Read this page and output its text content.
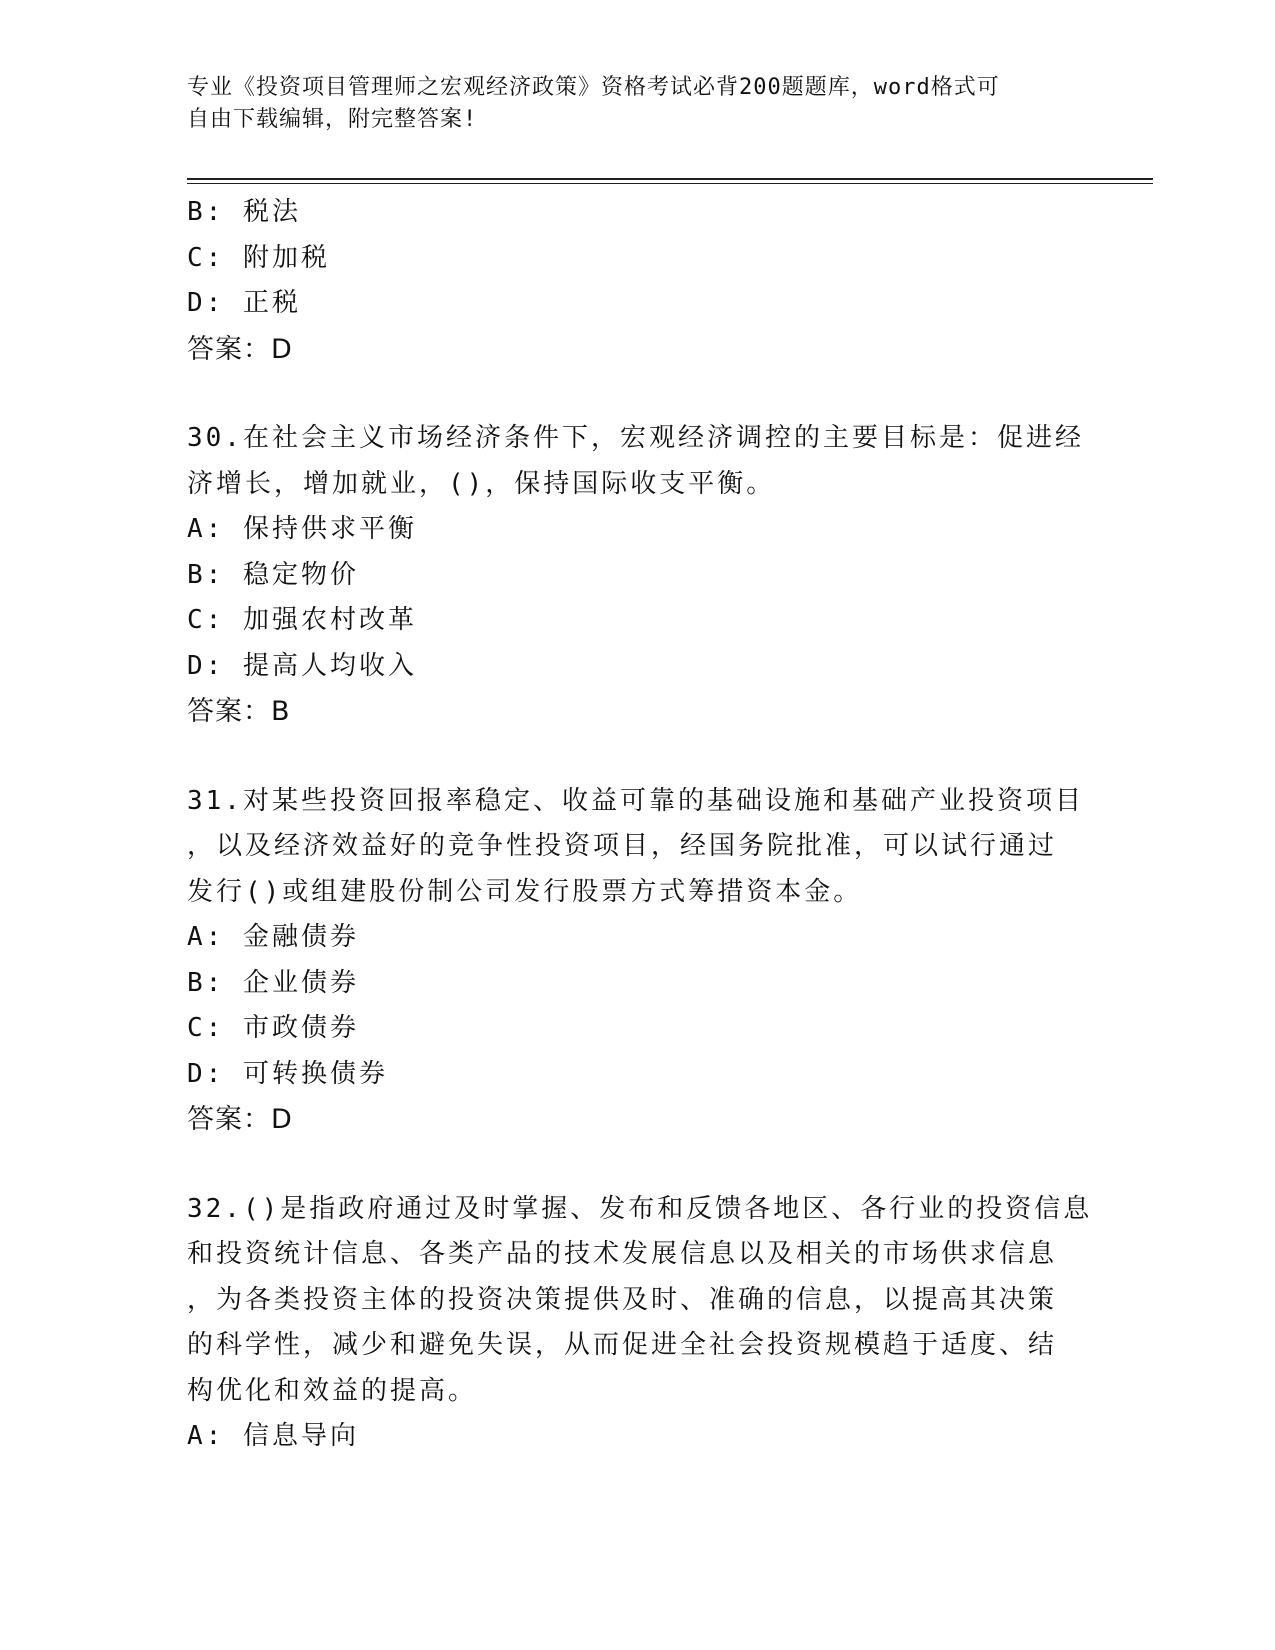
专业《投资项目管理师之宏观经济政策》资格考试必背200题题库，word格式可
自由下载编辑，附完整答案!
B: 税法
C: 附加税
D: 正税
答案：D
30.在社会主义市场经济条件下，宏观经济调控的主要目标是：促进经
济增长，增加就业，()，保持国际收支平衡。
A: 保持供求平衡
B: 稳定物价
C: 加强农村改革
D: 提高人均收入
答案：B
31.对某些投资回报率稳定、收益可靠的基础设施和基础产业投资项目
，以及经济效益好的竞争性投资项目，经国务院批准，可以试行通过
发行()或组建股份制公司发行股票方式筹措资本金。
A: 金融债券
B: 企业债券
C: 市政债券
D: 可转换债券
答案：D
32.()是指政府通过及时掌握、发布和反馈各地区、各行业的投资信息
和投资统计信息、各类产品的技术发展信息以及相关的市场供求信息
，为各类投资主体的投资决策提供及时、准确的信息，以提高其决策
的科学性，减少和避免失误，从而促进全社会投资规模趋于适度、结
构优化和效益的提高。
A: 信息导向
